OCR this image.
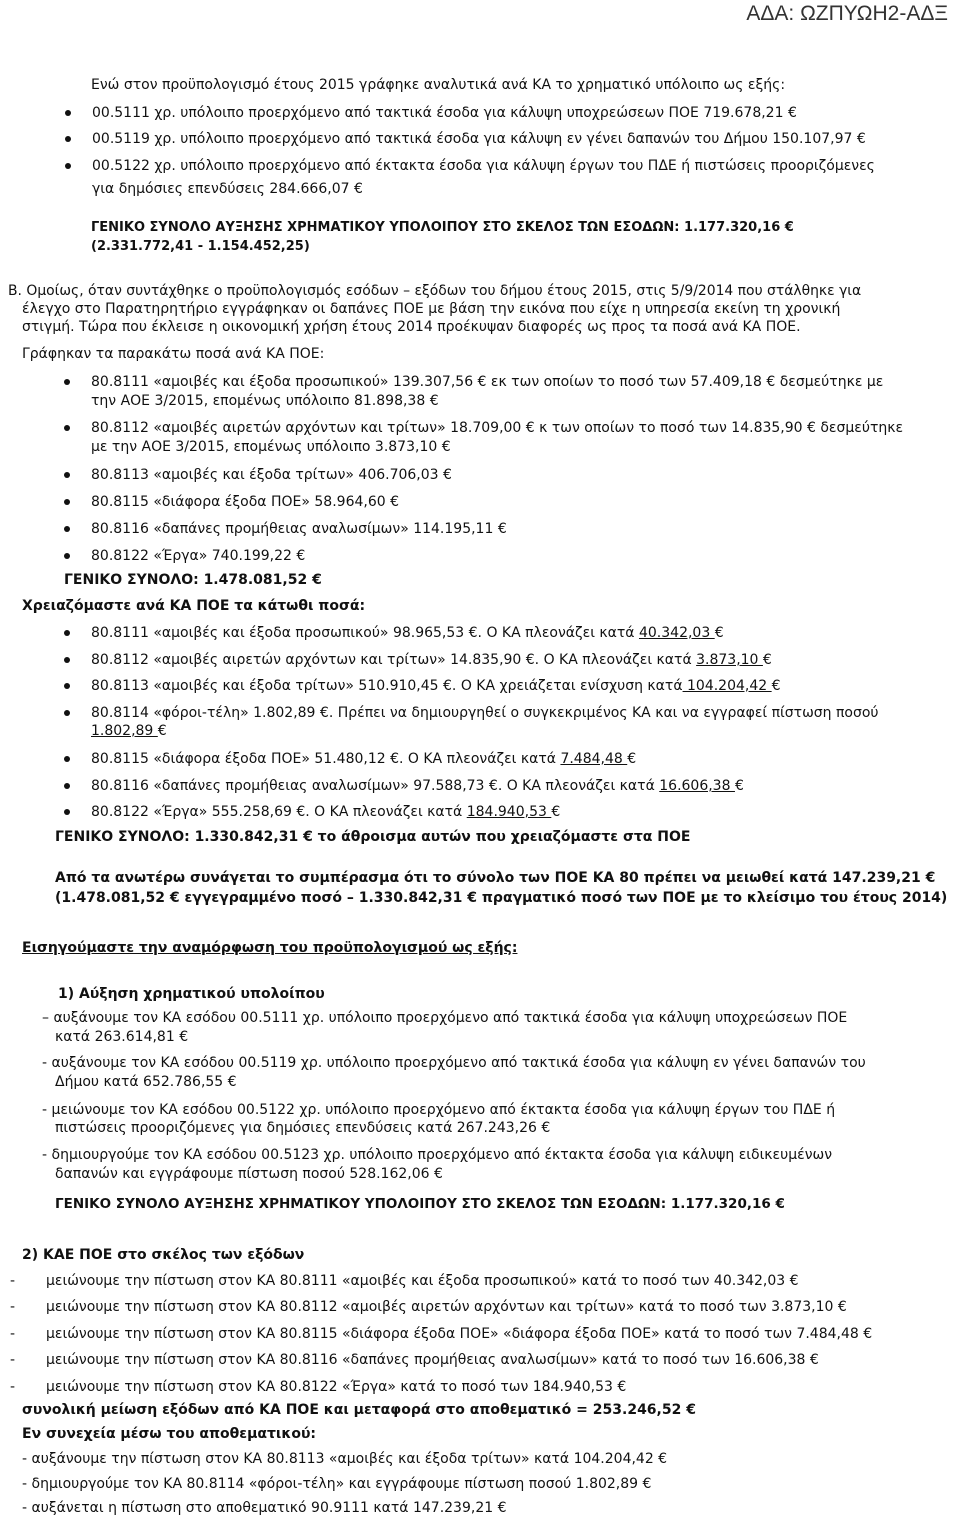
ΑΔΑ: ΩΖΠΥΩΗ2-ΑΔΞ
Ενώ στον προϋπολογισμό έτους 2015 γράφηκε αναλυτικά ανά ΚΑ το χρηματικό υπόλοιπο ως εξής:
00.5111 χρ. υπόλοιπο προερχόμενο από τακτικά έσοδα για κάλυψη υποχρεώσεων ΠΟΕ 719.678,21 €
00.5119 χρ. υπόλοιπο προερχόμενο από τακτικά έσοδα για κάλυψη εν γένει δαπανών του Δήμου 150.107,97 €
00.5122 χρ. υπόλοιπο προερχόμενο από έκτακτα έσοδα για κάλυψη έργων του ΠΔΕ ή πιστώσεις προοριζόμενες
για δημόσιες επενδύσεις 284.666,07 €
ΓΕΝΙΚΟ ΣΥΝΟΛΟ ΑΥΞΗΣΗΣ ΧΡΗΜΑΤΙΚΟΥ ΥΠΟΛΟΙΠΟΥ ΣΤΟ ΣΚΕΛΟΣ ΤΩΝ ΕΣΟΔΩΝ: 1.177.320,16 €
(2.331.772,41 - 1.154.452,25)
Β. Ομοίως, όταν συντάχθηκε ο προϋπολογισμός εσόδων – εξόδων του δήμου έτους 2015, στις 5/9/2014 που στάλθηκε για
έλεγχο στο Παρατηρητήριο εγγράφηκαν οι δαπάνες ΠΟΕ με βάση την εικόνα που είχε η υπηρεσία εκείνη τη χρονική
στιγμή. Τώρα που έκλεισε η οικονομική χρήση έτους 2014 προέκυψαν διαφορές ως προς τα ποσά ανά ΚΑ ΠΟΕ.
Γράφηκαν τα παρακάτω ποσά ανά ΚΑ ΠΟΕ:
80.8111 «αμοιβές και έξοδα προσωπικού» 139.307,56 € εκ των οποίων το ποσό των 57.409,18 € δεσμεύτηκε με
την ΑΟΕ 3/2015, επομένως υπόλοιπο 81.898,38 €
80.8112 «αμοιβές αιρετών αρχόντων και τρίτων» 18.709,00 € κ των οποίων το ποσό των 14.835,90 € δεσμεύτηκε
με την ΑΟΕ 3/2015, επομένως υπόλοιπο 3.873,10 €
80.8113 «αμοιβές και έξοδα τρίτων» 406.706,03 €
80.8115 «διάφορα έξοδα ΠΟΕ» 58.964,60 €
80.8116 «δαπάνες προμήθειας αναλωσίμων» 114.195,11 €
80.8122 «Έργα» 740.199,22 €
ΓΕΝΙΚΟ ΣΥΝΟΛΟ: 1.478.081,52 €
Χρειαζόμαστε ανά ΚΑ ΠΟΕ τα κάτωθι ποσά:
80.8111 «αμοιβές και έξοδα προσωπικού» 98.965,53 €. Ο ΚΑ πλεονάζει κατά 40.342,03 €
80.8112 «αμοιβές αιρετών αρχόντων και τρίτων» 14.835,90 €. Ο ΚΑ πλεονάζει κατά 3.873,10 €
80.8113 «αμοιβές και έξοδα τρίτων» 510.910,45 €. Ο ΚΑ χρειάζεται ενίσχυση κατά 104.204,42 €
80.8114 «φόροι-τέλη» 1.802,89 €. Πρέπει να δημιουργηθεί ο συγκεκριμένος ΚΑ και να εγγραφεί πίστωση ποσού
1.802,89 €
80.8115 «διάφορα έξοδα ΠΟΕ» 51.480,12 €. Ο ΚΑ πλεονάζει κατά 7.484,48 €
80.8116 «δαπάνες προμήθειας αναλωσίμων» 97.588,73 €. Ο ΚΑ πλεονάζει κατά 16.606,38 €
80.8122 «Έργα» 555.258,69 €. Ο ΚΑ πλεονάζει κατά 184.940,53 €
ΓΕΝΙΚΟ ΣΥΝΟΛΟ: 1.330.842,31 € το άθροισμα αυτών που χρειαζόμαστε στα ΠΟΕ
Από τα ανωτέρω συνάγεται το συμπέρασμα ότι το σύνολο των ΠΟΕ ΚΑ 80 πρέπει να μειωθεί κατά 147.239,21 €
(1.478.081,52 € εγγεγραμμένο ποσό – 1.330.842,31 € πραγματικό ποσό των ΠΟΕ με το κλείσιμο του έτους 2014)
Εισηγούμαστε την αναμόρφωση του προϋπολογισμού ως εξής:
1) Αύξηση χρηματικού υπολοίπου
– αυξάνουμε τον ΚΑ εσόδου 00.5111 χρ. υπόλοιπο προερχόμενο από τακτικά έσοδα για κάλυψη υποχρεώσεων ΠΟΕ
κατά 263.614,81 €
- αυξάνουμε τον ΚΑ εσόδου 00.5119 χρ. υπόλοιπο προερχόμενο από τακτικά έσοδα για κάλυψη εν γένει δαπανών του
Δήμου κατά 652.786,55 €
- μειώνουμε τον ΚΑ εσόδου 00.5122 χρ. υπόλοιπο προερχόμενο από έκτακτα έσοδα για κάλυψη έργων του ΠΔΕ ή
πιστώσεις προοριζόμενες για δημόσιες επενδύσεις κατά 267.243,26 €
- δημιουργούμε τον ΚΑ εσόδου 00.5123 χρ. υπόλοιπο προερχόμενο από έκτακτα έσοδα για κάλυψη ειδικευμένων
δαπανών και εγγράφουμε πίστωση ποσού 528.162,06 €
ΓΕΝΙΚΟ ΣΥΝΟΛΟ ΑΥΞΗΣΗΣ ΧΡΗΜΑΤΙΚΟΥ ΥΠΟΛΟΙΠΟΥ ΣΤΟ ΣΚΕΛΟΣ ΤΩΝ ΕΣΟΔΩΝ: 1.177.320,16 €
2) ΚΑΕ ΠΟΕ στο σκέλος των εξόδων
- μειώνουμε την πίστωση στον ΚΑ 80.8111 «αμοιβές και έξοδα προσωπικού» κατά το ποσό των 40.342,03 €
- μειώνουμε την πίστωση στον ΚΑ 80.8112 «αμοιβές αιρετών αρχόντων και τρίτων» κατά το ποσό των 3.873,10 €
- μειώνουμε την πίστωση στον ΚΑ 80.8115 «διάφορα έξοδα ΠΟΕ» «διάφορα έξοδα ΠΟΕ» κατά το ποσό των 7.484,48 €
- μειώνουμε την πίστωση στον ΚΑ 80.8116 «δαπάνες προμήθειας αναλωσίμων» κατά το ποσό των 16.606,38 €
- μειώνουμε την πίστωση στον ΚΑ 80.8122 «Έργα» κατά το ποσό των 184.940,53 €
συνολική μείωση εξόδων από ΚΑ ΠΟΕ και μεταφορά στο αποθεματικό = 253.246,52 €
Εν συνεχεία μέσω του αποθεματικού:
- αυξάνουμε την πίστωση στον ΚΑ 80.8113 «αμοιβές και έξοδα τρίτων» κατά 104.204,42 €
- δημιουργούμε τον ΚΑ 80.8114 «φόροι-τέλη» και εγγράφουμε πίστωση ποσού 1.802,89 €
- αυξάνεται η πίστωση στο αποθεματικό 90.9111 κατά 147.239,21 €
